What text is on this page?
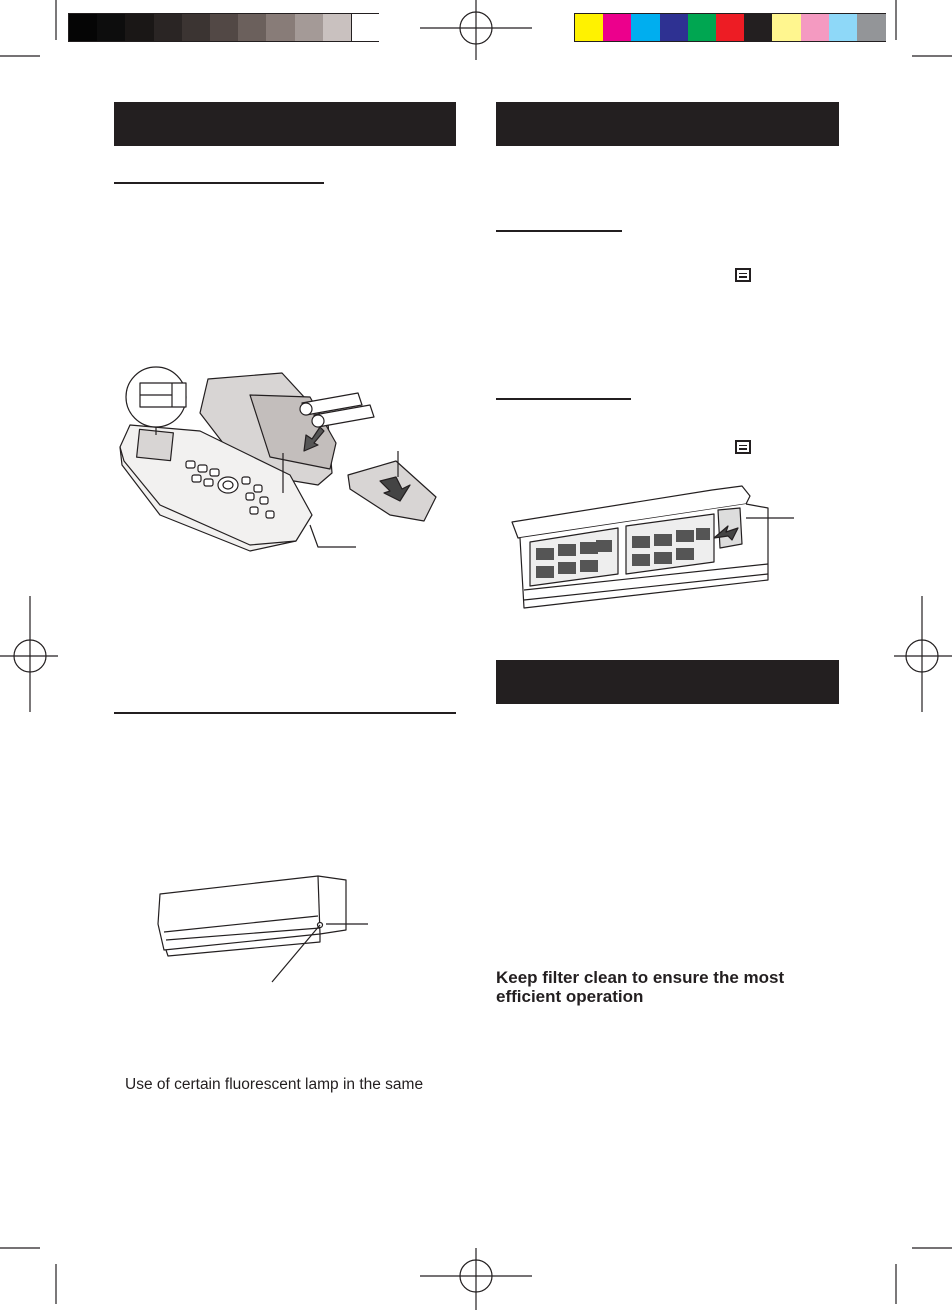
Keep filter clean to ensure the most efficient operation
Use of certain fluorescent lamp in the same
